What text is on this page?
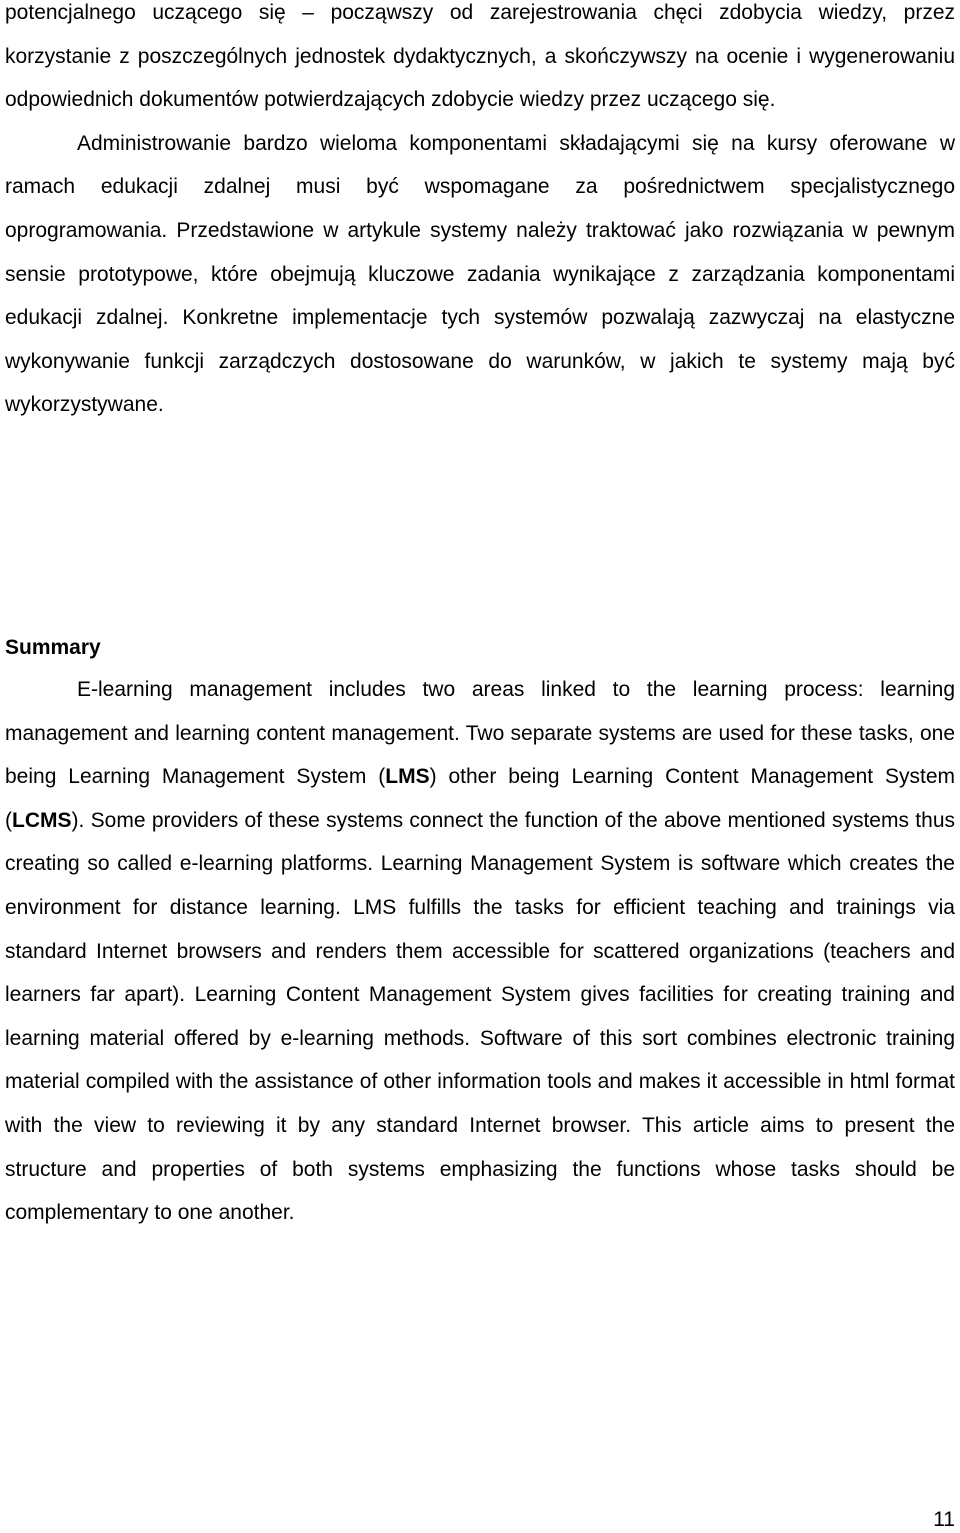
potencjalnego uczącego się – począwszy od zarejestrowania chęci zdobycia wiedzy, przez korzystanie z poszczególnych jednostek dydaktycznych, a skończywszy na ocenie i wygenerowaniu odpowiednich dokumentów potwierdzających zdobycie wiedzy przez uczącego się.

Administrowanie bardzo wieloma komponentami składającymi się na kursy oferowane w ramach edukacji zdalnej musi być wspomagane za pośrednictwem specjalistycznego oprogramowania. Przedstawione w artykule systemy należy traktować jako rozwiązania w pewnym sensie prototypowe, które obejmują kluczowe zadania wynikające z zarządzania komponentami edukacji zdalnej. Konkretne implementacje tych systemów pozwalają zazwyczaj na elastyczne wykonywanie funkcji zarządczych dostosowane do warunków, w jakich te systemy mają być wykorzystywane.

Summary

E-learning management includes two areas linked to the learning process: learning management and learning content management. Two separate systems are used for these tasks, one being Learning Management System (LMS) other being Learning Content Management System (LCMS). Some providers of these systems connect the function of the above mentioned systems thus creating so called e-learning platforms. Learning Management System is software which creates the environment for distance learning. LMS fulfills the tasks for efficient teaching and trainings via standard Internet browsers and renders them accessible for scattered organizations (teachers and learners far apart). Learning Content Management System gives facilities for creating training and learning material offered by e-learning methods. Software of this sort combines electronic training material compiled with the assistance of other information tools and makes it accessible in html format with the view to reviewing it by any standard Internet browser. This article aims to present the structure and properties of both systems emphasizing the functions whose tasks should be complementary to one another.

11
